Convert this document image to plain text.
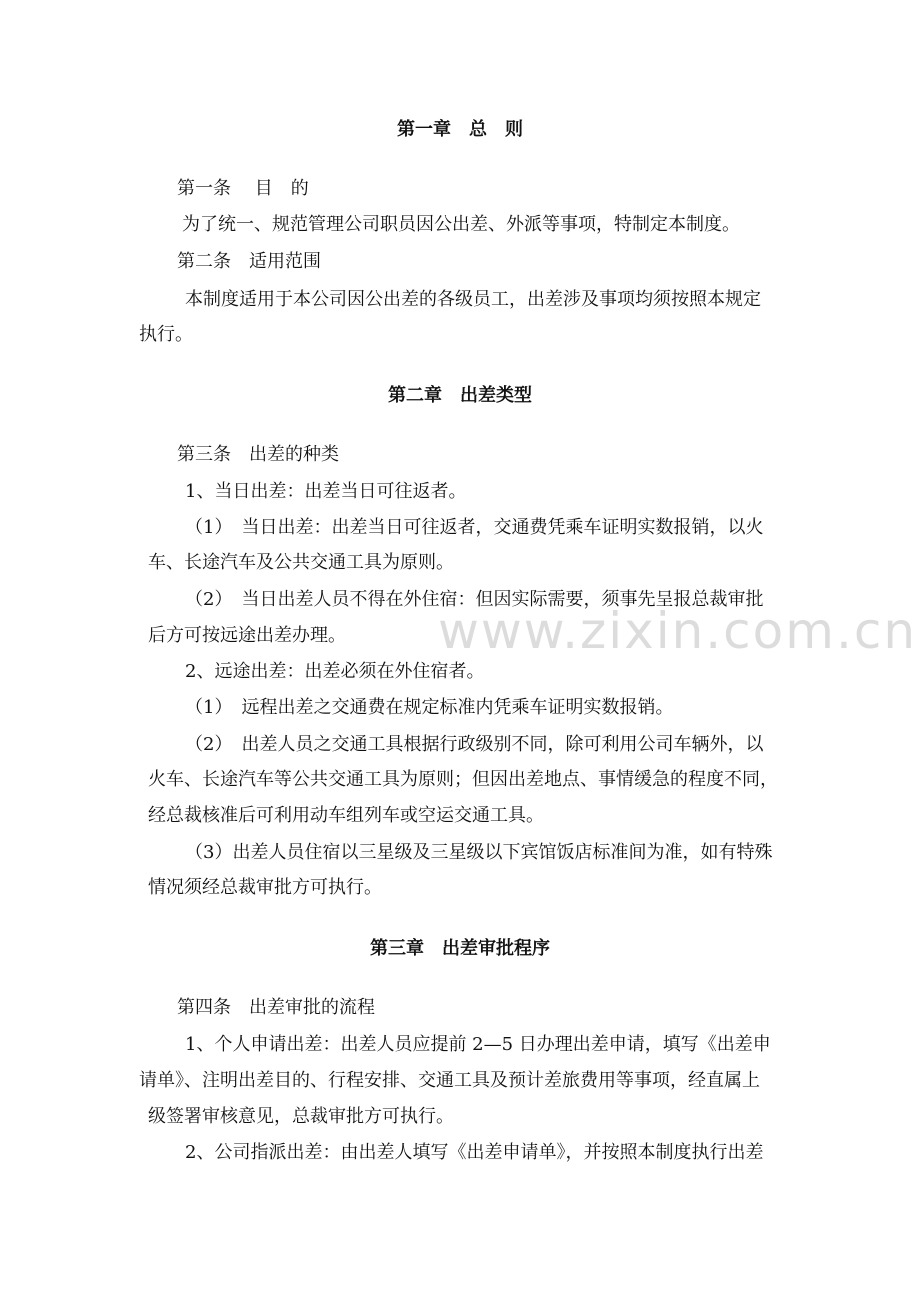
第一章　总　则
第一条　 目　的
为了统一、规范管理公司职员因公出差、外派等事项，特制定本制度。
第二条　适用范围
本制度适用于本公司因公出差的各级员工，出差涉及事项均须按照本规定
执行。
第二章　出差类型
第三条　出差的种类
1、当日出差：出差当日可往返者。
（1）　当日出差：出差当日可往返者，交通费凭乘车证明实数报销，以火
车、长途汽车及公共交通工具为原则。
（2）　当日出差人员不得在外住宿：但因实际需要，须事先呈报总裁审批
后方可按远途出差办理。
2、远途出差：出差必须在外住宿者。
（1）　远程出差之交通费在规定标准内凭乘车证明实数报销。
（2）　出差人员之交通工具根据行政级别不同，除可利用公司车辆外，以
火车、长途汽车等公共交通工具为原则；但因出差地点、事情缓急的程度不同，
经总裁核准后可利用动车组列车或空运交通工具。
（3）出差人员住宿以三星级及三星级以下宾馆饭店标准间为准，如有特殊
情况须经总裁审批方可执行。
第三章　出差审批程序
第四条　出差审批的流程
1、个人申请出差：出差人员应提前 2—5 日办理出差申请，填写《出差申
请单》、注明出差目的、行程安排、交通工具及预计差旅费用等事项，经直属上
级签署审核意见，总裁审批方可执行。
2、公司指派出差：由出差人填写《出差申请单》，并按照本制度执行出差
www.zixin.com.cn
